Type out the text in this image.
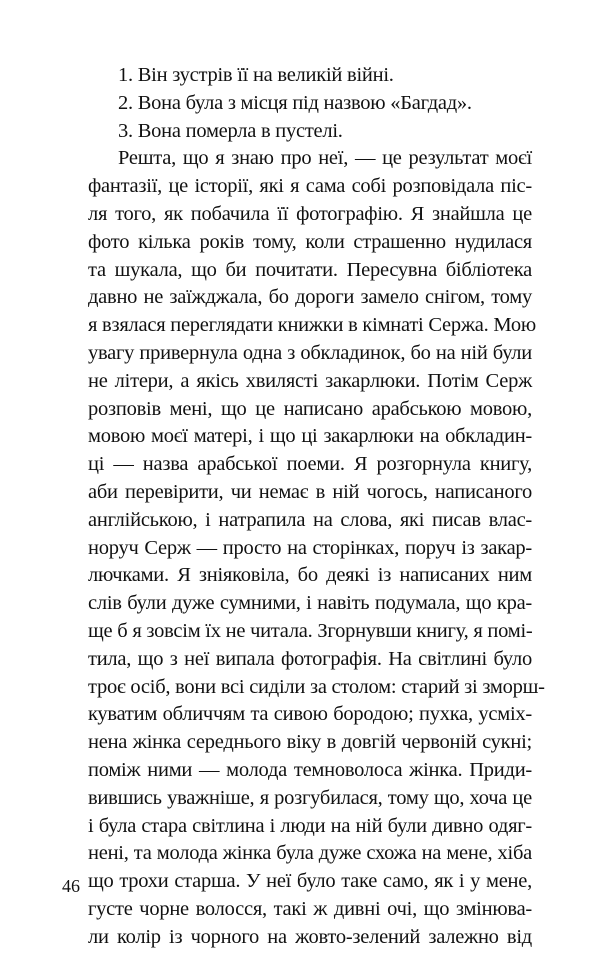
1. Він зустрів її на великій війні.
2. Вона була з місця під назвою «Багдад».
3. Вона померла в пустелі.
Решта, що я знаю про неї, — це результат моєї
фантазії, це історії, які я сама собі розповідала піс-
ля того, як побачила її фотографію. Я знайшла це
фото кілька років тому, коли страшенно нудилася
та шукала, що би почитати. Пересувна бібліотека
давно не заїжджала, бо дороги замело снігом, тому
я взялася переглядати книжки в кімнаті Сержа. Мою
увагу привернула одна з обкладинок, бо на ній були
не літери, а якісь хвилясті закарлюки. Потім Серж
розповів мені, що це написано арабською мовою,
мовою моєї матері, і що ці закарлюки на обкладин-
ці — назва арабської поеми. Я розгорнула книгу,
аби перевірити, чи немає в ній чогось, написаного
англійською, і натрапила на слова, які писав влас-
норуч Серж — просто на сторінках, поруч із закар-
лючками. Я зніяковіла, бо деякі із написаних ним
слів були дуже сумними, і навіть подумала, що кра-
ще б я зовсім їх не читала. Згорнувши книгу, я помі-
тила, що з неї випала фотографія. На світлині було
троє осіб, вони всі сиділи за столом: старий зі зморш-
куватим обличчям та сивою бородою; пухка, усміх-
нена жінка середнього віку в довгій червоній сукні;
поміж ними — молода темноволоса жінка. Приди-
вившись уважніше, я розгубилася, тому що, хоча це
і була стара світлина і люди на ній були дивно одяг-
нені, та молода жінка була дуже схожа на мене, хіба
що трохи старша. У неї було таке само, як і у мене,
густе чорне волосся, такі ж дивні очі, що змінюва-
ли колір із чорного на жовто-зелений залежно від
46
